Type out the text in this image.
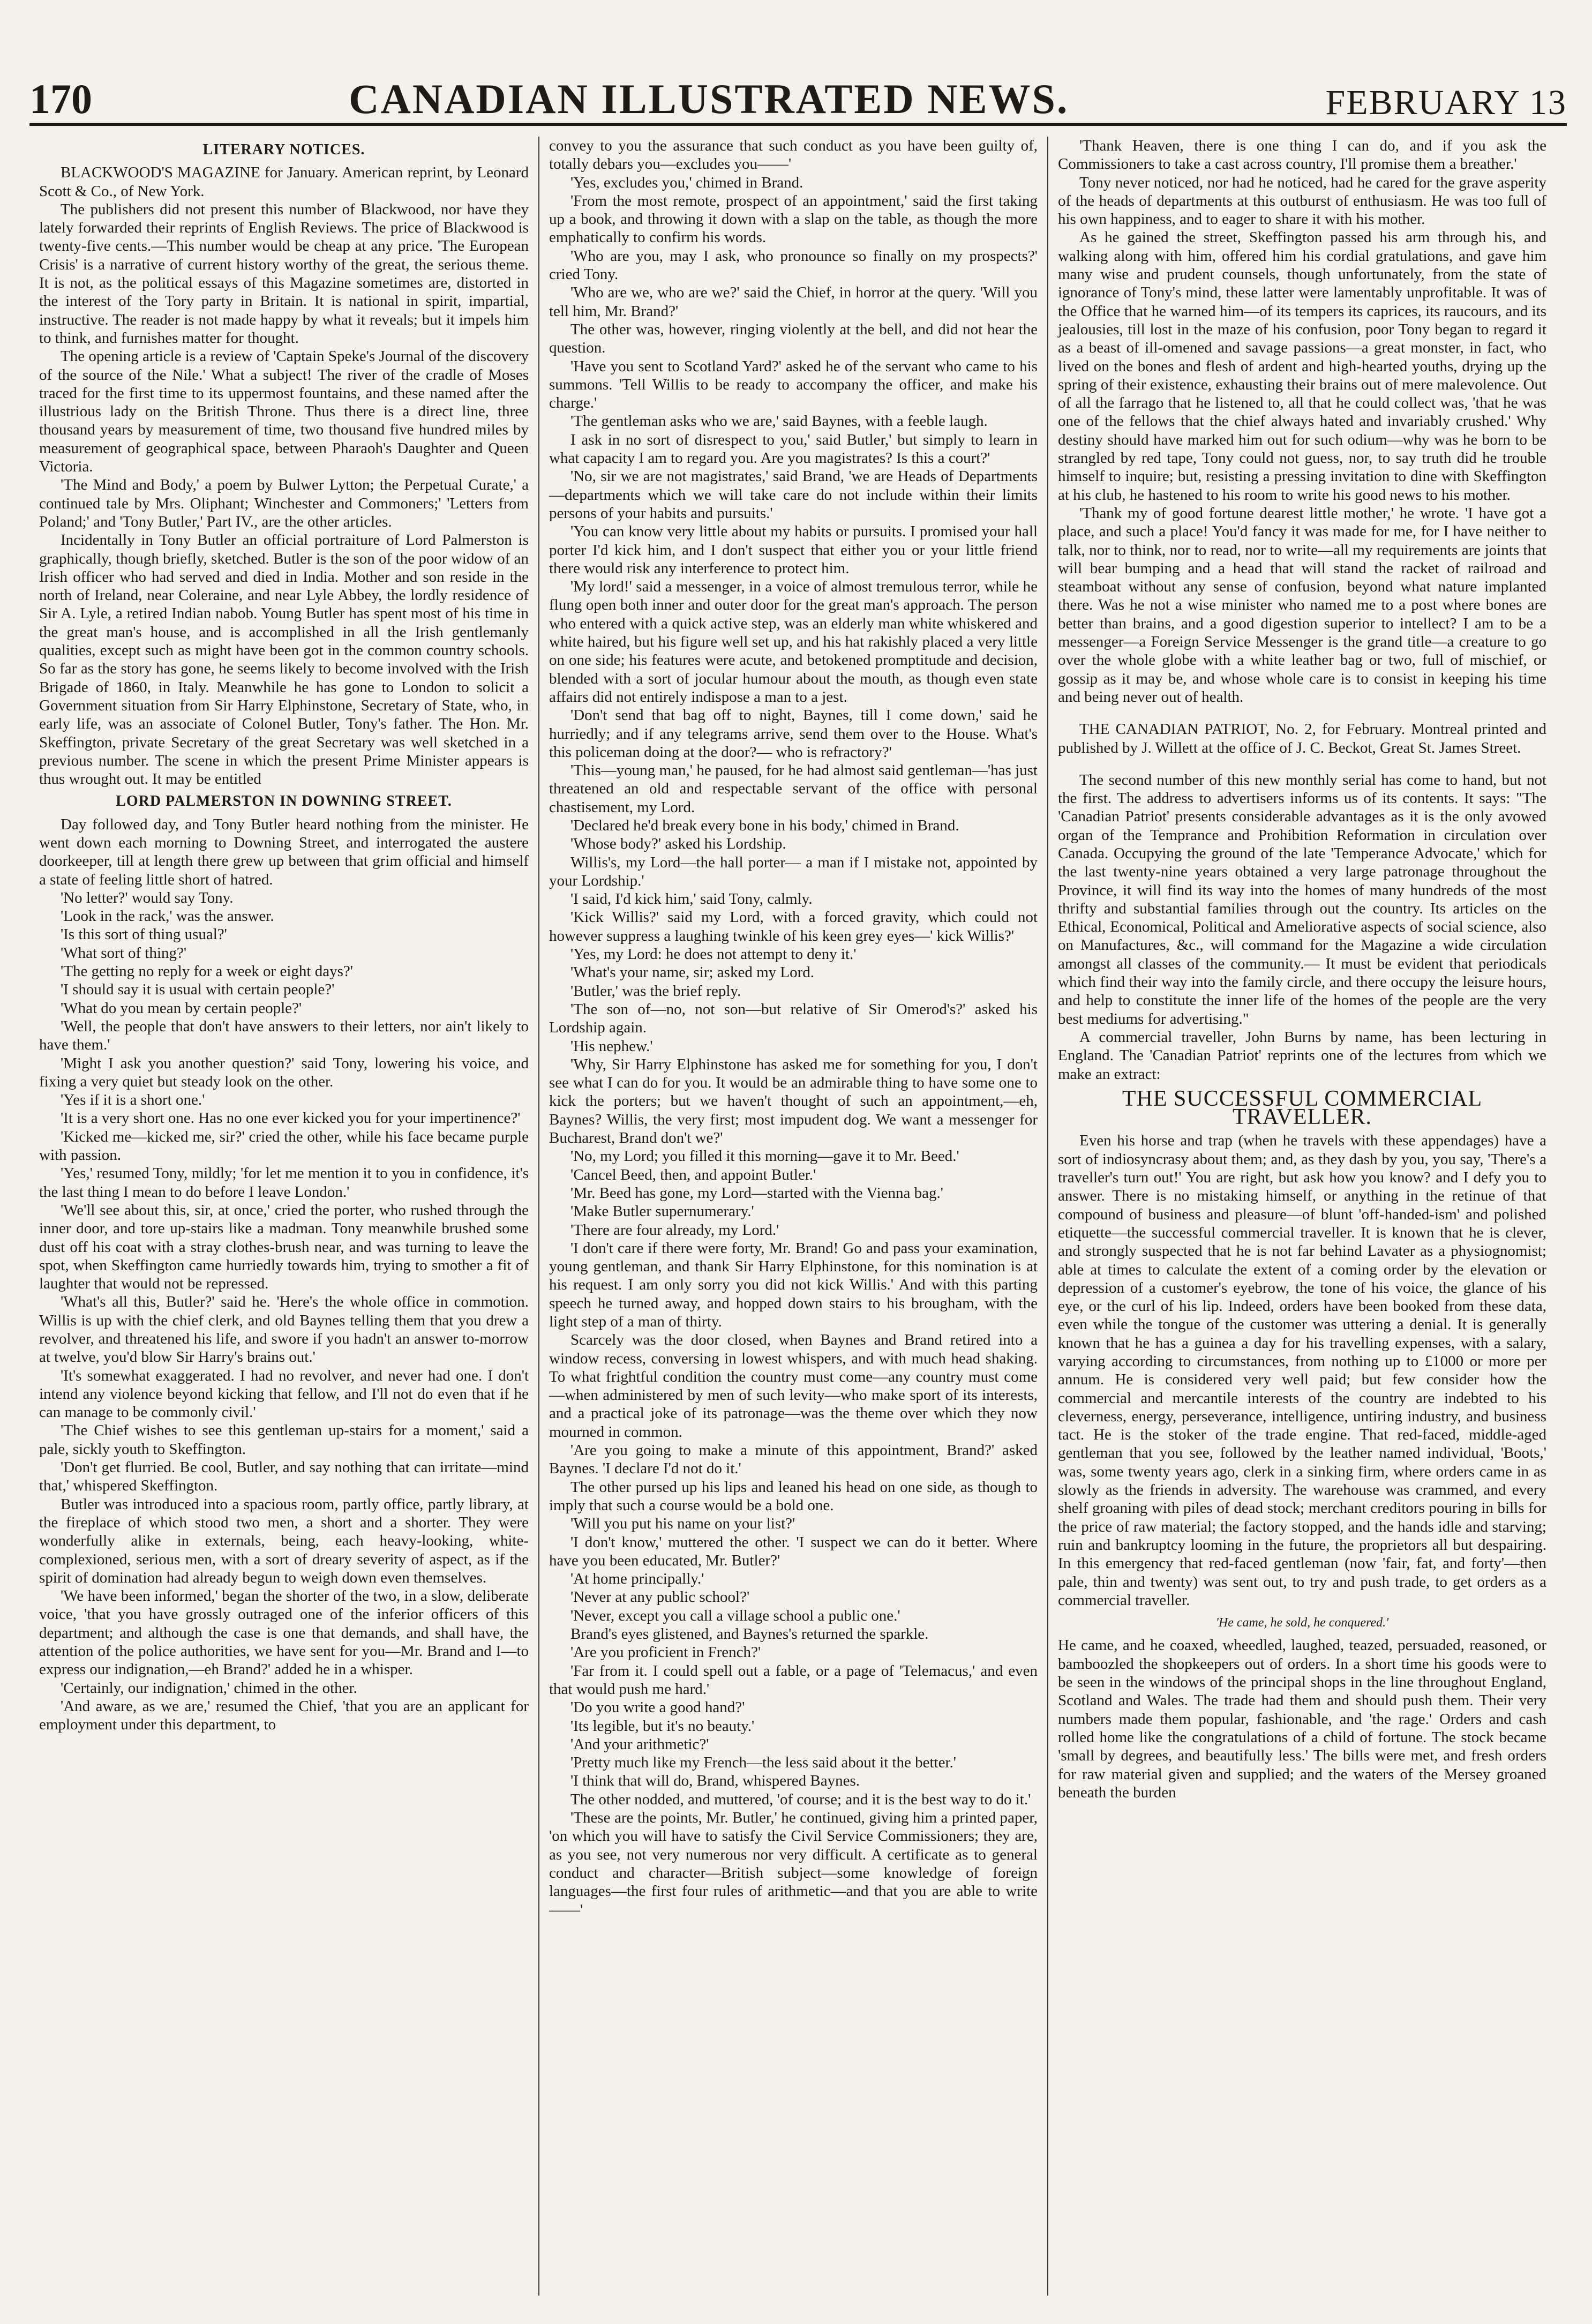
170	CANADIAN ILLUSTRATED NEWS.	FEBRUARY 13
LITERARY NOTICES.

BLACKWOOD'S MAGAZINE for January. American reprint, by Leonard Scott & Co., of New York.

The publishers did not present this number of Blackwood, nor have they lately forwarded their reprints of English Reviews. The price of Blackwood is twenty-five cents.—This number would be cheap at any price. 'The European Crisis' is a narrative of current history worthy of the great, the serious theme. It is not, as the political essays of this Magazine sometimes are, distorted in the interest of the Tory party in Britain. It is national in spirit, impartial, instructive. The reader is not made happy by what it reveals; but it impels him to think, and furnishes matter for thought.

The opening article is a review of 'Captain Speke's Journal of the discovery of the source of the Nile.' What a subject! The river of the cradle of Moses traced for the first time to its uppermost fountains, and these named after the illustrious lady on the British Throne. Thus there is a direct line, three thousand years by measurement of time, two thousand five hundred miles by measurement of geographical space, between Pharaoh's Daughter and Queen Victoria.

'The Mind and Body,' a poem by Bulwer Lytton; the Perpetual Curate,' a continued tale by Mrs. Oliphant; Winchester and Commoners;' 'Letters from Poland;' and 'Tony Butler,' Part IV., are the other articles.

Incidentally in Tony Butler an official portraiture of Lord Palmerston is graphically, though briefly, sketched. Butler is the son of the poor widow of an Irish officer who had served and died in India. Mother and son reside in the north of Ireland, near Coleraine, and near Lyle Abbey, the lordly residence of Sir A. Lyle, a retired Indian nabob. Young Butler has spent most of his time in the great man's house, and is accomplished in all the Irish gentlemanly qualities, except such as might have been got in the common country schools. So far as the story has gone, he seems likely to become involved with the Irish Brigade of 1860, in Italy. Meanwhile he has gone to London to solicit a Government situation from Sir Harry Elphinstone, Secretary of State, who, in early life, was an associate of Colonel Butler, Tony's father. The Hon. Mr. Skeffington, private Secretary of the great Secretary was well sketched in a previous number. The scene in which the present Prime Minister appears is thus wrought out. It may be entitled

LORD PALMERSTON IN DOWNING STREET.

Day followed day, and Tony Butler heard nothing from the minister. He went down each morning to Downing Street, and interrogated the austere doorkeeper, till at length there grew up between that grim official and himself a state of feeling little short of hatred.

'No letter?' would say Tony.

'Look in the rack,' was the answer.

'Is this sort of thing usual?'

'What sort of thing?'

'The getting no reply for a week or eight days?'

'I should say it is usual with certain people?'

'What do you mean by certain people?'

'Well, the people that don't have answers to their letters, nor ain't likely to have them.'

'Might I ask you another question?' said Tony, lowering his voice, and fixing a very quiet but steady look on the other.

'Yes if it is a short one.'

'It is a very short one. Has no one ever kicked you for your impertinence?'

'Kicked me—kicked me, sir?' cried the other, while his face became purple with passion.

'Yes,' resumed Tony, mildly; 'for let me mention it to you in confidence, it's the last thing I mean to do before I leave London.'

'We'll see about this, sir, at once,' cried the porter, who rushed through the inner door, and tore up-stairs like a madman. Tony meanwhile brushed some dust off his coat with a stray clothes-brush near, and was turning to leave the spot, when Skeffington came hurriedly towards him, trying to smother a fit of laughter that would not be repressed.

'What's all this, Butler?' said he. 'Here's the whole office in commotion. Willis is up with the chief clerk, and old Baynes telling them that you drew a revolver, and threatened his life, and swore if you hadn't an answer to-morrow at twelve, you'd blow Sir Harry's brains out.'

'It's somewhat exaggerated. I had no revolver, and never had one. I don't intend any violence beyond kicking that fellow, and I'll not do even that if he can manage to be commonly civil.'

'The Chief wishes to see this gentleman up-stairs for a moment,' said a pale, sickly youth to Skeffington.

'Don't get flurried. Be cool, Butler, and say nothing that can irritate—mind that,' whispered Skeffington.

Butler was introduced into a spacious room, partly office, partly library, at the fireplace of which stood two men, a short and a shorter. They were wonderfully alike in externals, being, each heavy-looking, white-complexioned, serious men, with a sort of dreary severity of aspect, as if the spirit of domination had already begun to weigh down even themselves.

'We have been informed,' began the shorter of the two, in a slow, deliberate voice, 'that you have grossly outraged one of the inferior officers of this department; and although the case is one that demands, and shall have, the attention of the police authorities, we have sent for you—Mr. Brand and I—to express our indignation,—eh Brand?' added he in a whisper.

'Certainly, our indignation,' chimed in the other.

'And aware, as we are,' resumed the Chief, 'that you are an applicant for employment under this department, to

convey to you the assurance that such conduct as you have been guilty of, totally debars you—excludes you——'

'Yes, excludes you,' chimed in Brand.

'From the most remote, prospect of an appointment,' said the first taking up a book, and throwing it down with a slap on the table, as though the more emphatically to confirm his words.

'Who are you, may I ask, who pronounce so finally on my prospects?' cried Tony.

'Who are we, who are we?' said the Chief, in horror at the query. 'Will you tell him, Mr. Brand?'

The other was, however, ringing violently at the bell, and did not hear the question.

'Have you sent to Scotland Yard?' asked he of the servant who came to his summons. 'Tell Willis to be ready to accompany the officer, and make his charge.'

'The gentleman asks who we are,' said Baynes, with a feeble laugh.

I ask in no sort of disrespect to you,' said Butler,' but simply to learn in what capacity I am to regard you. Are you magistrates? Is this a court?'

'No, sir we are not magistrates,' said Brand, 'we are Heads of Departments—departments which we will take care do not include within their limits persons of your habits and pursuits.'

'You can know very little about my habits or pursuits. I promised your hall porter I'd kick him, and I don't suspect that either you or your little friend there would risk any interference to protect him.

'My lord!' said a messenger, in a voice of almost tremulous terror, while he flung open both inner and outer door for the great man's approach. The person who entered with a quick active step, was an elderly man white whiskered and white haired, but his figure well set up, and his hat rakishly placed a very little on one side; his features were acute, and betokened promptitude and decision, blended with a sort of jocular humour about the mouth, as though even state affairs did not entirely indispose a man to a jest.

'Don't send that bag off to night, Baynes, till I come down,' said he hurriedly; and if any telegrams arrive, send them over to the House. What's this policeman doing at the door?— who is refractory?'

'This—young man,' he paused, for he had almost said gentleman—'has just threatened an old and respectable servant of the office with personal chastisement, my Lord.

'Declared he'd break every bone in his body,' chimed in Brand.

'Whose body?' asked his Lordship.

Willis's, my Lord—the hall porter— a man if I mistake not, appointed by your Lordship.'

'I said, I'd kick him,' said Tony, calmly.

'Kick Willis?' said my Lord, with a forced gravity, which could not however suppress a laughing twinkle of his keen grey eyes—' kick Willis?'

'Yes, my Lord: he does not attempt to deny it.'

'What's your name, sir; asked my Lord.

'Butler,' was the brief reply.

'The son of—no, not son—but relative of Sir Omerod's?' asked his Lordship again.

'His nephew.'

'Why, Sir Harry Elphinstone has asked me for something for you, I don't see what I can do for you. It would be an admirable thing to have some one to kick the porters; but we haven't thought of such an appointment,—eh, Baynes? Willis, the very first; most impudent dog. We want a messenger for Bucharest, Brand don't we?'

'No, my Lord; you filled it this morning—gave it to Mr. Beed.'

'Cancel Beed, then, and appoint Butler.'

'Mr. Beed has gone, my Lord—started with the Vienna bag.'

'Make Butler supernumerary.'

'There are four already, my Lord.'

'I don't care if there were forty, Mr. Brand! Go and pass your examination, young gentleman, and thank Sir Harry Elphinstone, for this nomination is at his request. I am only sorry you did not kick Willis.' And with this parting speech he turned away, and hopped down stairs to his brougham, with the light step of a man of thirty.

Scarcely was the door closed, when Baynes and Brand retired into a window recess, conversing in lowest whispers, and with much head shaking. To what frightful condition the country must come—any country must come—when administered by men of such levity—who make sport of its interests, and a practical joke of its patronage—was the theme over which they now mourned in common.

'Are you going to make a minute of this appointment, Brand?' asked Baynes. 'I declare I'd not do it.'

The other pursed up his lips and leaned his head on one side, as though to imply that such a course would be a bold one.

'Will you put his name on your list?'

'I don't know,' muttered the other. 'I suspect we can do it better. Where have you been educated, Mr. Butler?'

'At home principally.'

'Never at any public school?'

'Never, except you call a village school a public one.'

Brand's eyes glistened, and Baynes's returned the sparkle.

'Are you proficient in French?'

'Far from it. I could spell out a fable, or a page of 'Telemacus,' and even that would push me hard.'

'Do you write a good hand?'

'Its legible, but it's no beauty.'

'And your arithmetic?'

'Pretty much like my French—the less said about it the better.'

'I think that will do, Brand, whispered Baynes.

The other nodded, and muttered, 'of course; and it is the best way to do it.'

'These are the points, Mr. Butler,' he continued, giving him a printed paper, 'on which you will have to satisfy the Civil Service Commissioners; they are, as you see, not very numerous nor very difficult. A certificate as to general conduct and character—British subject—some knowledge of foreign languages—the first four rules of arithmetic—and that you are able to write——'

'Thank Heaven, there is one thing I can do, and if you ask the Commissioners to take a cast across country, I'll promise them a breather.'

Tony never noticed, nor had he noticed, had he cared for the grave asperity of the heads of departments at this outburst of enthusiasm. He was too full of his own happiness, and to eager to share it with his mother.

As he gained the street, Skeffington passed his arm through his, and walking along with him, offered him his cordial gratulations, and gave him many wise and prudent counsels, though unfortunately, from the state of ignorance of Tony's mind, these latter were lamentably unprofitable. It was of the Office that he warned him—of its tempers its caprices, its raucours, and its jealousies, till lost in the maze of his confusion, poor Tony began to regard it as a beast of ill-omened and savage passions—a great monster, in fact, who lived on the bones and flesh of ardent and high-hearted youths, drying up the spring of their existence, exhausting their brains out of mere malevolence. Out of all the farrago that he listened to, all that he could collect was, 'that he was one of the fellows that the chief always hated and invariably crushed.' Why destiny should have marked him out for such odium—why was he born to be strangled by red tape, Tony could not guess, nor, to say truth did he trouble himself to inquire; but, resisting a pressing invitation to dine with Skeffington at his club, he hastened to his room to write his good news to his mother.

'Thank my of good fortune dearest little mother,' he wrote. 'I have got a place, and such a place! You'd fancy it was made for me, for I have neither to talk, nor to think, nor to read, nor to write—all my requirements are joints that will bear bumping and a head that will stand the racket of railroad and steamboat without any sense of confusion, beyond what nature implanted there. Was he not a wise minister who named me to a post where bones are better than brains, and a good digestion superior to intellect? I am to be a messenger—a Foreign Service Messenger is the grand title—a creature to go over the whole globe with a white leather bag or two, full of mischief, or gossip as it may be, and whose whole care is to consist in keeping his time and being never out of health.

THE CANADIAN PATRIOT, No. 2, for February. Montreal printed and published by J. Willett at the office of J. C. Beckot, Great St. James Street.

The second number of this new monthly serial has come to hand, but not the first. The address to advertisers informs us of its contents. It says: "The 'Canadian Patriot' presents considerable advantages as it is the only avowed organ of the Temprance and Prohibition Reformation in circulation over Canada. Occupying the ground of the late 'Temperance Advocate,' which for the last twenty-nine years obtained a very large patronage throughout the Province, it will find its way into the homes of many hundreds of the most thrifty and substantial families through out the country. Its articles on the Ethical, Economical, Political and Ameliorative aspects of social science, also on Manufactures, &c., will command for the Magazine a wide circulation amongst all classes of the community.— It must be evident that periodicals which find their way into the family circle, and there occupy the leisure hours, and help to constitute the inner life of the homes of the people are the very best mediums for advertising."

A commercial traveller, John Burns by name, has been lecturing in England. The 'Canadian Patriot' reprints one of the lectures from which we make an extract:

THE SUCCESSFUL COMMERCIAL TRAVELLER.

Even his horse and trap (when he travels with these appendages) have a sort of indiosyncrasy about them; and, as they dash by you, you say, 'There's a traveller's turn out!' You are right, but ask how you know? and I defy you to answer. There is no mistaking himself, or anything in the retinue of that compound of business and pleasure—of blunt 'off-handed-ism' and polished etiquette—the successful commercial traveller. It is known that he is clever, and strongly suspected that he is not far behind Lavater as a physiognomist; able at times to calculate the extent of a coming order by the elevation or depression of a customer's eyebrow, the tone of his voice, the glance of his eye, or the curl of his lip. Indeed, orders have been booked from these data, even while the tongue of the customer was uttering a denial. It is generally known that he has a guinea a day for his travelling expenses, with a salary, varying according to circumstances, from nothing up to £1000 or more per annum. He is considered very well paid; but few consider how the commercial and mercantile interests of the country are indebted to his cleverness, energy, perseverance, intelligence, untiring industry, and business tact. He is the stoker of the trade engine. That red-faced, middle-aged gentleman that you see, followed by the leather named individual, 'Boots,' was, some twenty years ago, clerk in a sinking firm, where orders came in as slowly as the friends in adversity. The warehouse was crammed, and every shelf groaning with piles of dead stock; merchant creditors pouring in bills for the price of raw material; the factory stopped, and the hands idle and starving; ruin and bankruptcy looming in the future, the proprietors all but despairing. In this emergency that red-faced gentleman (now 'fair, fat, and forty'—then pale, thin and twenty) was sent out, to try and push trade, to get orders as a commercial traveller.

'He came, he sold, he conquered.'

He came, and he coaxed, wheedled, laughed, teazed, persuaded, reasoned, or bamboozled the shopkeepers out of orders. In a short time his goods were to be seen in the windows of the principal shops in the line throughout England, Scotland and Wales. The trade had them and should push them. Their very numbers made them popular, fashionable, and 'the rage.' Orders and cash rolled home like the congratulations of a child of fortune. The stock became 'small by degrees, and beautifully less.' The bills were met, and fresh orders for raw material given and supplied; and the waters of the Mersey groaned beneath the burden
